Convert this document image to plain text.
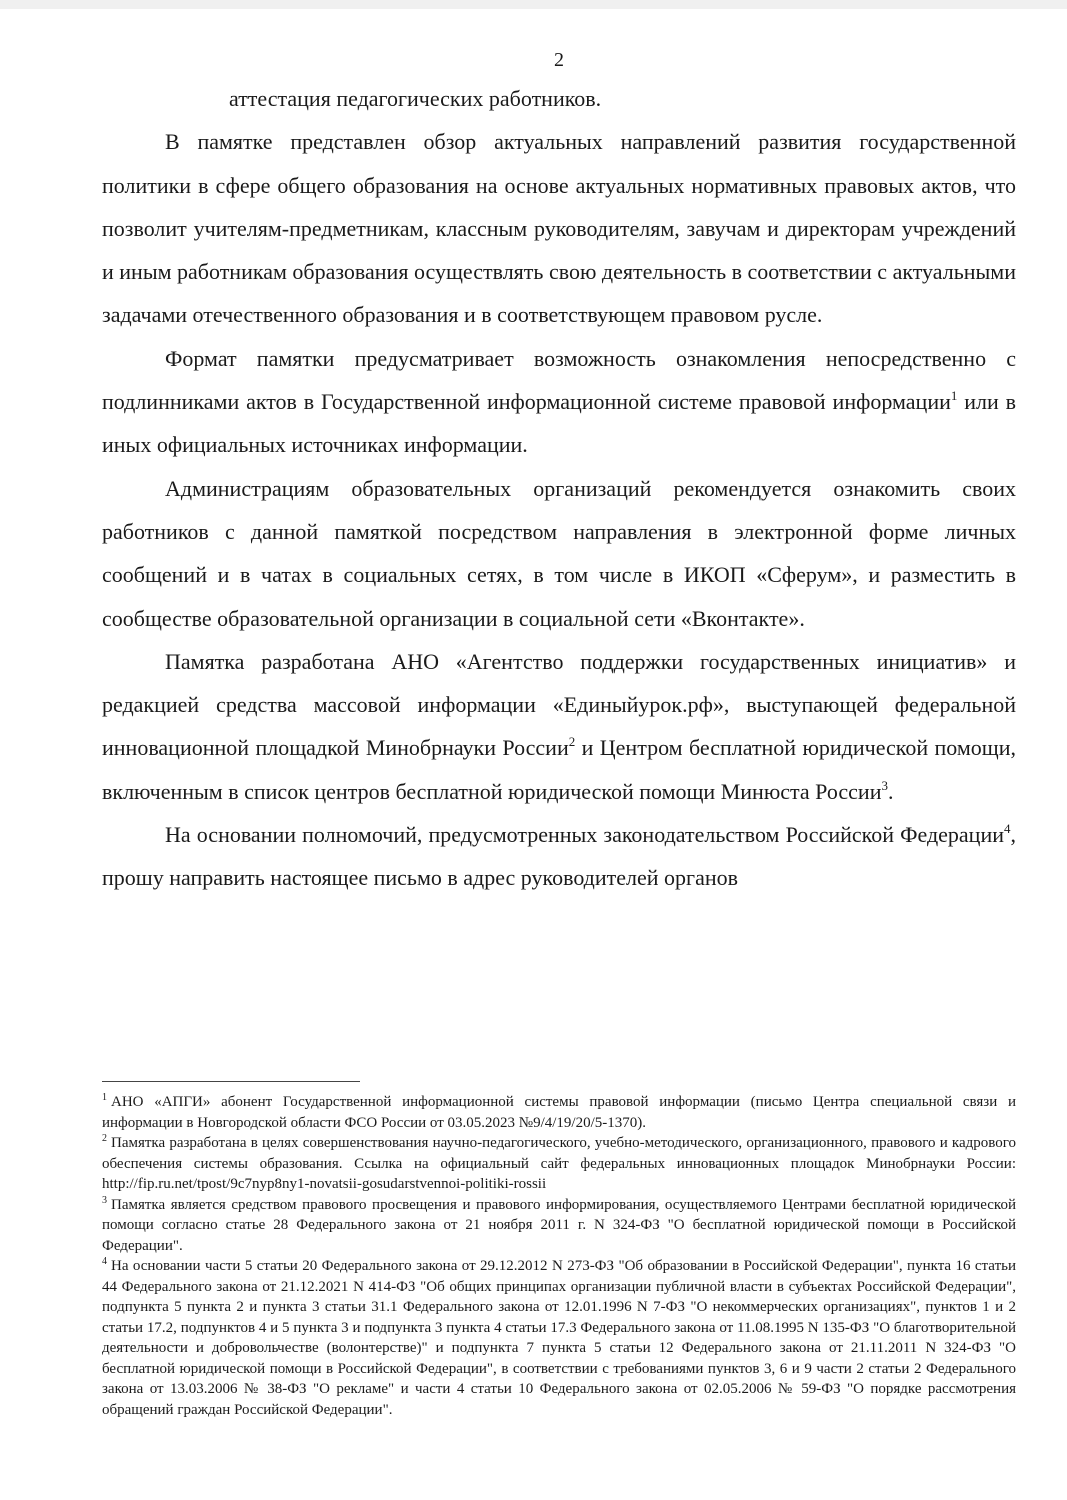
2

аттестация педагогических работников.

В памятке представлен обзор актуальных направлений развития государственной политики в сфере общего образования на основе актуальных нормативных правовых актов, что позволит учителям-предметникам, классным руководителям, завучам и директорам учреждений и иным работникам образования осуществлять свою деятельность в соответствии с актуальными задачами отечественного образования и в соответствующем правовом русле.

Формат памятки предусматривает возможность ознакомления непосредственно с подлинниками актов в Государственной информационной системе правовой информации$^1$ или в иных официальных источниках информации.

Администрациям образовательных организаций рекомендуется ознакомить своих работников с данной памяткой посредством направления в электронной форме личных сообщений и в чатах в социальных сетях, в том числе в ИКОП «Сферум», и разместить в сообществе образовательной организации в социальной сети «Вконтакте».

Памятка разработана АНО «Агентство поддержки государственных инициатив» и редакцией средства массовой информации «Единыйурок.рф», выступающей федеральной инновационной площадкой Минобрнауки России$^2$ и Центром бесплатной юридической помощи, включенным в список центров бесплатной юридической помощи Минюста России$^3$.

На основании полномочий, предусмотренных законодательством Российской Федерации$^4$, прошу направить настоящее письмо в адрес руководителей органов

$^1$ АНО «АПГИ» абонент Государственной информационной системы правовой информации (письмо Центра специальной связи и информации в Новгородской области ФСО России от 03.05.2023 №9/4/19/20/5-1370).

$^2$ Памятка разработана в целях совершенствования научно-педагогического, учебно-методического, организационного, правового и кадрового обеспечения системы образования. Ссылка на официальный сайт федеральных инновационных площадок Минобрнауки России: http://fip.ru.net/tpost/9c7nyp8ny1-novatsii-gosudarstvennoi-politiki-rossii

$^3$ Памятка является средством правового просвещения и правового информирования, осуществляемого Центрами бесплатной юридической помощи согласно статье 28 Федерального закона от 21 ноября 2011 г. N 324-ФЗ "О бесплатной юридической помощи в Российской Федерации".

$^4$ На основании части 5 статьи 20 Федерального закона от 29.12.2012 N 273-ФЗ "Об образовании в Российской Федерации", пункта 16 статьи 44 Федерального закона от 21.12.2021 N 414-ФЗ "Об общих принципах организации публичной власти в субъектах Российской Федерации", подпункта 5 пункта 2 и пункта 3 статьи 31.1 Федерального закона от 12.01.1996 N 7-ФЗ "О некоммерческих организациях", пунктов 1 и 2 статьи 17.2, подпунктов 4 и 5 пункта 3 и подпункта 3 пункта 4 статьи 17.3 Федерального закона от 11.08.1995 N 135-ФЗ "О благотворительной деятельности и добровольчестве (волонтерстве)" и подпункта 7 пункта 5 статьи 12 Федерального закона от 21.11.2011 N 324-ФЗ "О бесплатной юридической помощи в Российской Федерации", в соответствии с требованиями пунктов 3, 6 и 9 части 2 статьи 2 Федерального закона от 13.03.2006 № 38-ФЗ "О рекламе" и части 4 статьи 10 Федерального закона от 02.05.2006 № 59-ФЗ "О порядке рассмотрения обращений граждан Российской Федерации".
